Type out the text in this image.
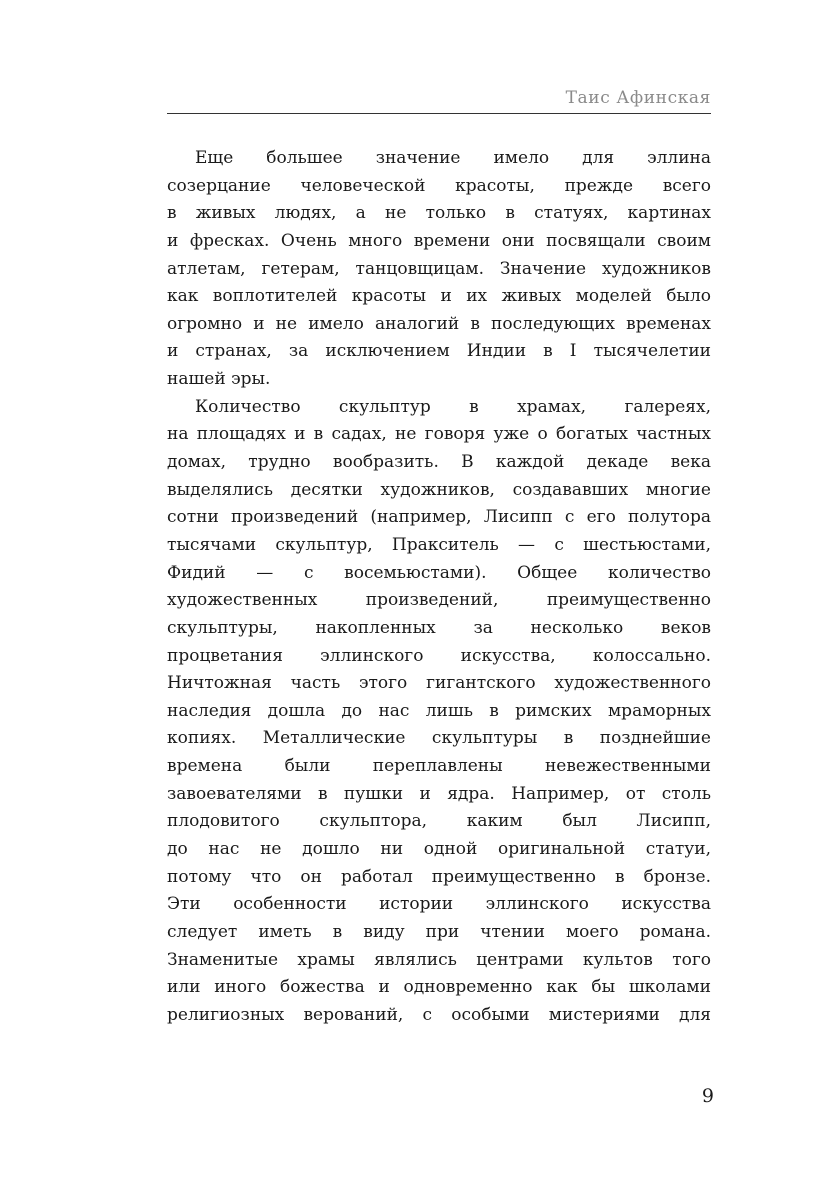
Таис Афинская
Еще большее значение имело для эллина
созерцание человеческой красоты, прежде всего
в живых людях, а не только в статуях, картинах
и фресках. Очень много времени они посвящали своим
атлетам, гетерам, танцовщицам. Значение художников
как воплотителей красоты и их живых моделей было
огромно и не имело аналогий в последующих временах
и странах, за исключением Индии в I тысячелетии
нашей эры.
Количество скульптур в храмах, галереях,
на площадях и в садах, не говоря уже о богатых частных
домах, трудно вообразить. В каждой декаде века
выделялись десятки художников, создававших многие
сотни произведений (например, Лисипп с его полутора
тысячами скульптур, Пракситель — с шестьюстами,
Фидий — с восемьюстами). Общее количество
художественных произведений, преимущественно
скульптуры, накопленных за несколько веков
процветания эллинского искусства, колоссально.
Ничтожная часть этого гигантского художественного
наследия дошла до нас лишь в римских мраморных
копиях. Металлические скульптуры в позднейшие
времена были переплавлены невежественными
завоевателями в пушки и ядра. Например, от столь
плодовитого скульптора, каким был Лисипп,
до нас не дошло ни одной оригинальной статуи,
потому что он работал преимущественно в бронзе.
Эти особенности истории эллинского искусства
следует иметь в виду при чтении моего романа.
Знаменитые храмы являлись центрами культов того
или иного божества и одновременно как бы школами
религиозных верований, с особыми мистериями для
9
